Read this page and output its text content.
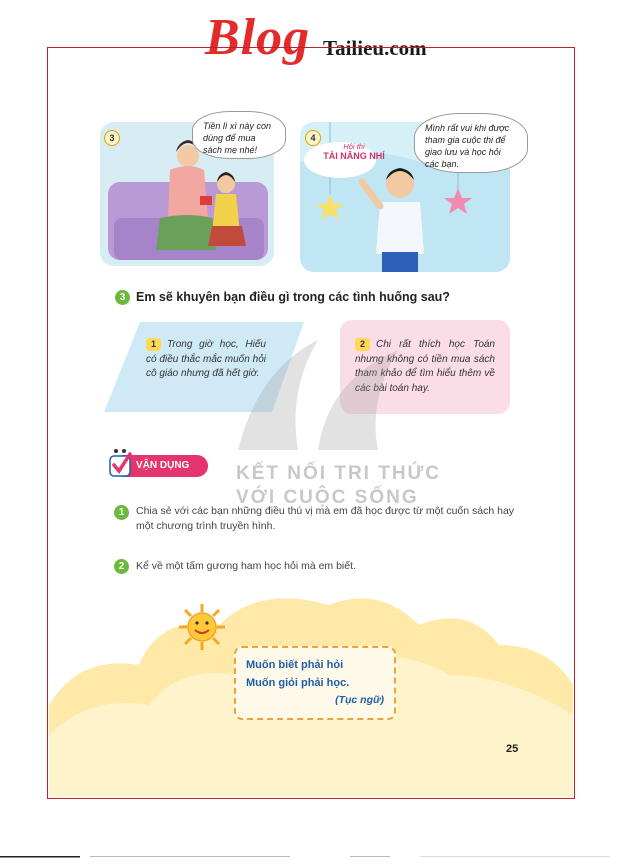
Blog Tailieu.com
3
Tiền lì xì này con dùng để mua sách mẹ nhé!
4
Hội thi
TÀI NĂNG NHÍ
Mình rất vui khi được tham gia cuộc thi để giao lưu và học hỏi các bạn.
3 Em sẽ khuyên bạn điều gì trong các tình huống sau?
1 Trong giờ học, Hiếu có điều thắc mắc muốn hỏi cô giáo nhưng đã hết giờ.
2 Chi rất thích học Toán nhưng không có tiền mua sách tham khảo để tìm hiểu thêm về các bài toán hay.
KẾT NỐI TRI THỨC
VỚI CUỘC SỐNG
VẬN DỤNG
1	Chia sẻ với các bạn những điều thú vị mà em đã học được từ một cuốn sách hay một chương trình truyền hình.
2	Kể về một tấm gương ham học hỏi mà em biết.
Muốn biết phải hỏi
Muốn giỏi phải học.
(Tục ngữ)
25
